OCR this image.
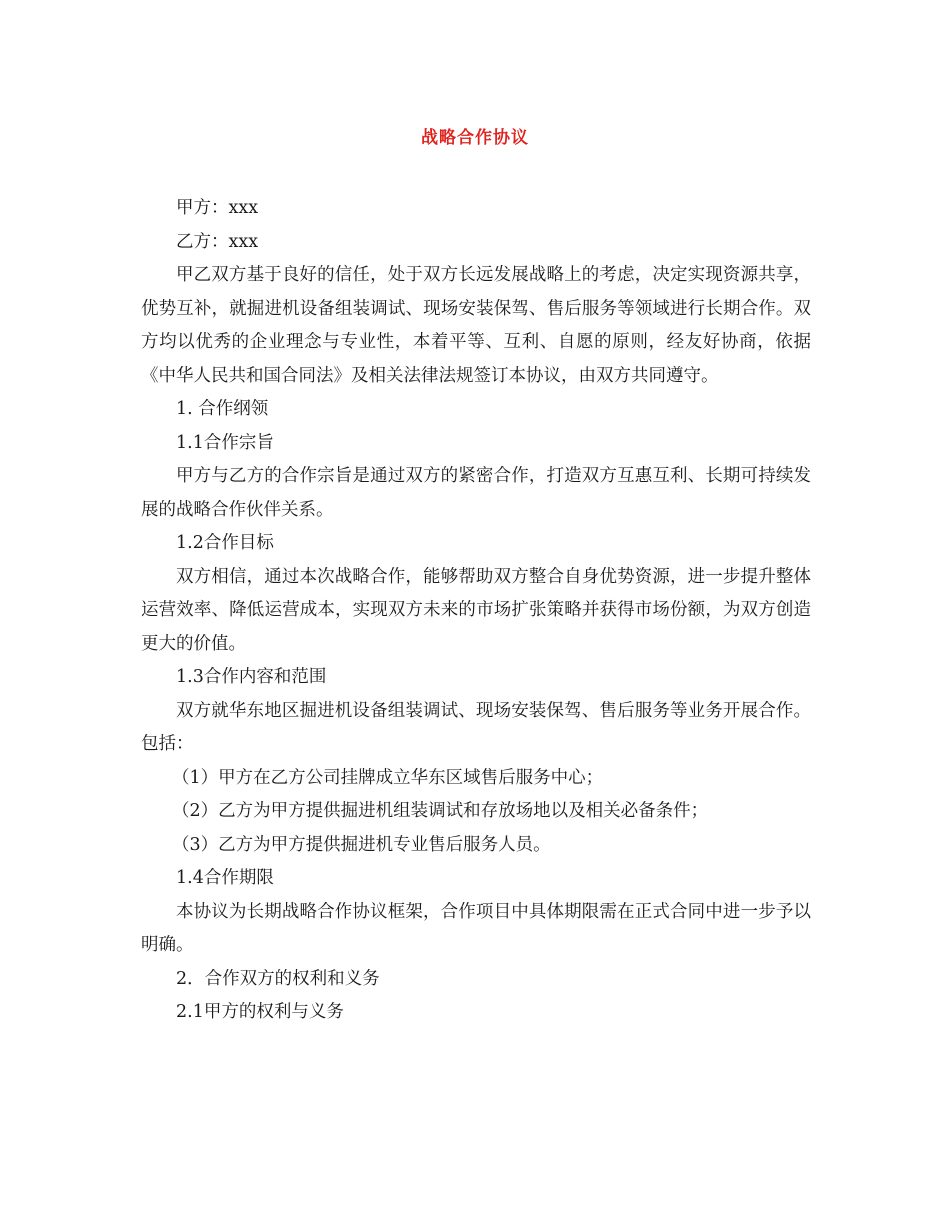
战略合作协议

甲方：xxx

乙方：xxx

甲乙双方基于良好的信任，处于双方长远发展战略上的考虑，决定实现资源共享，优势互补，就掘进机设备组装调试、现场安装保驾、售后服务等领域进行长期合作。双方均以优秀的企业理念与专业性，本着平等、互利、自愿的原则，经友好协商，依据《中华人民共和国合同法》及相关法律法规签订本协议，由双方共同遵守。

1. 合作纲领

1.1合作宗旨

甲方与乙方的合作宗旨是通过双方的紧密合作，打造双方互惠互利、长期可持续发展的战略合作伙伴关系。

1.2合作目标

双方相信，通过本次战略合作，能够帮助双方整合自身优势资源，进一步提升整体运营效率、降低运营成本，实现双方未来的市场扩张策略并获得市场份额，为双方创造更大的价值。

1.3合作内容和范围

双方就华东地区掘进机设备组装调试、现场安装保驾、售后服务等业务开展合作。包括：

（1）甲方在乙方公司挂牌成立华东区域售后服务中心；

（2）乙方为甲方提供掘进机组装调试和存放场地以及相关必备条件；

（3）乙方为甲方提供掘进机专业售后服务人员。

1.4合作期限

本协议为长期战略合作协议框架，合作项目中具体期限需在正式合同中进一步予以明确。

2．合作双方的权利和义务

2.1甲方的权利与义务
